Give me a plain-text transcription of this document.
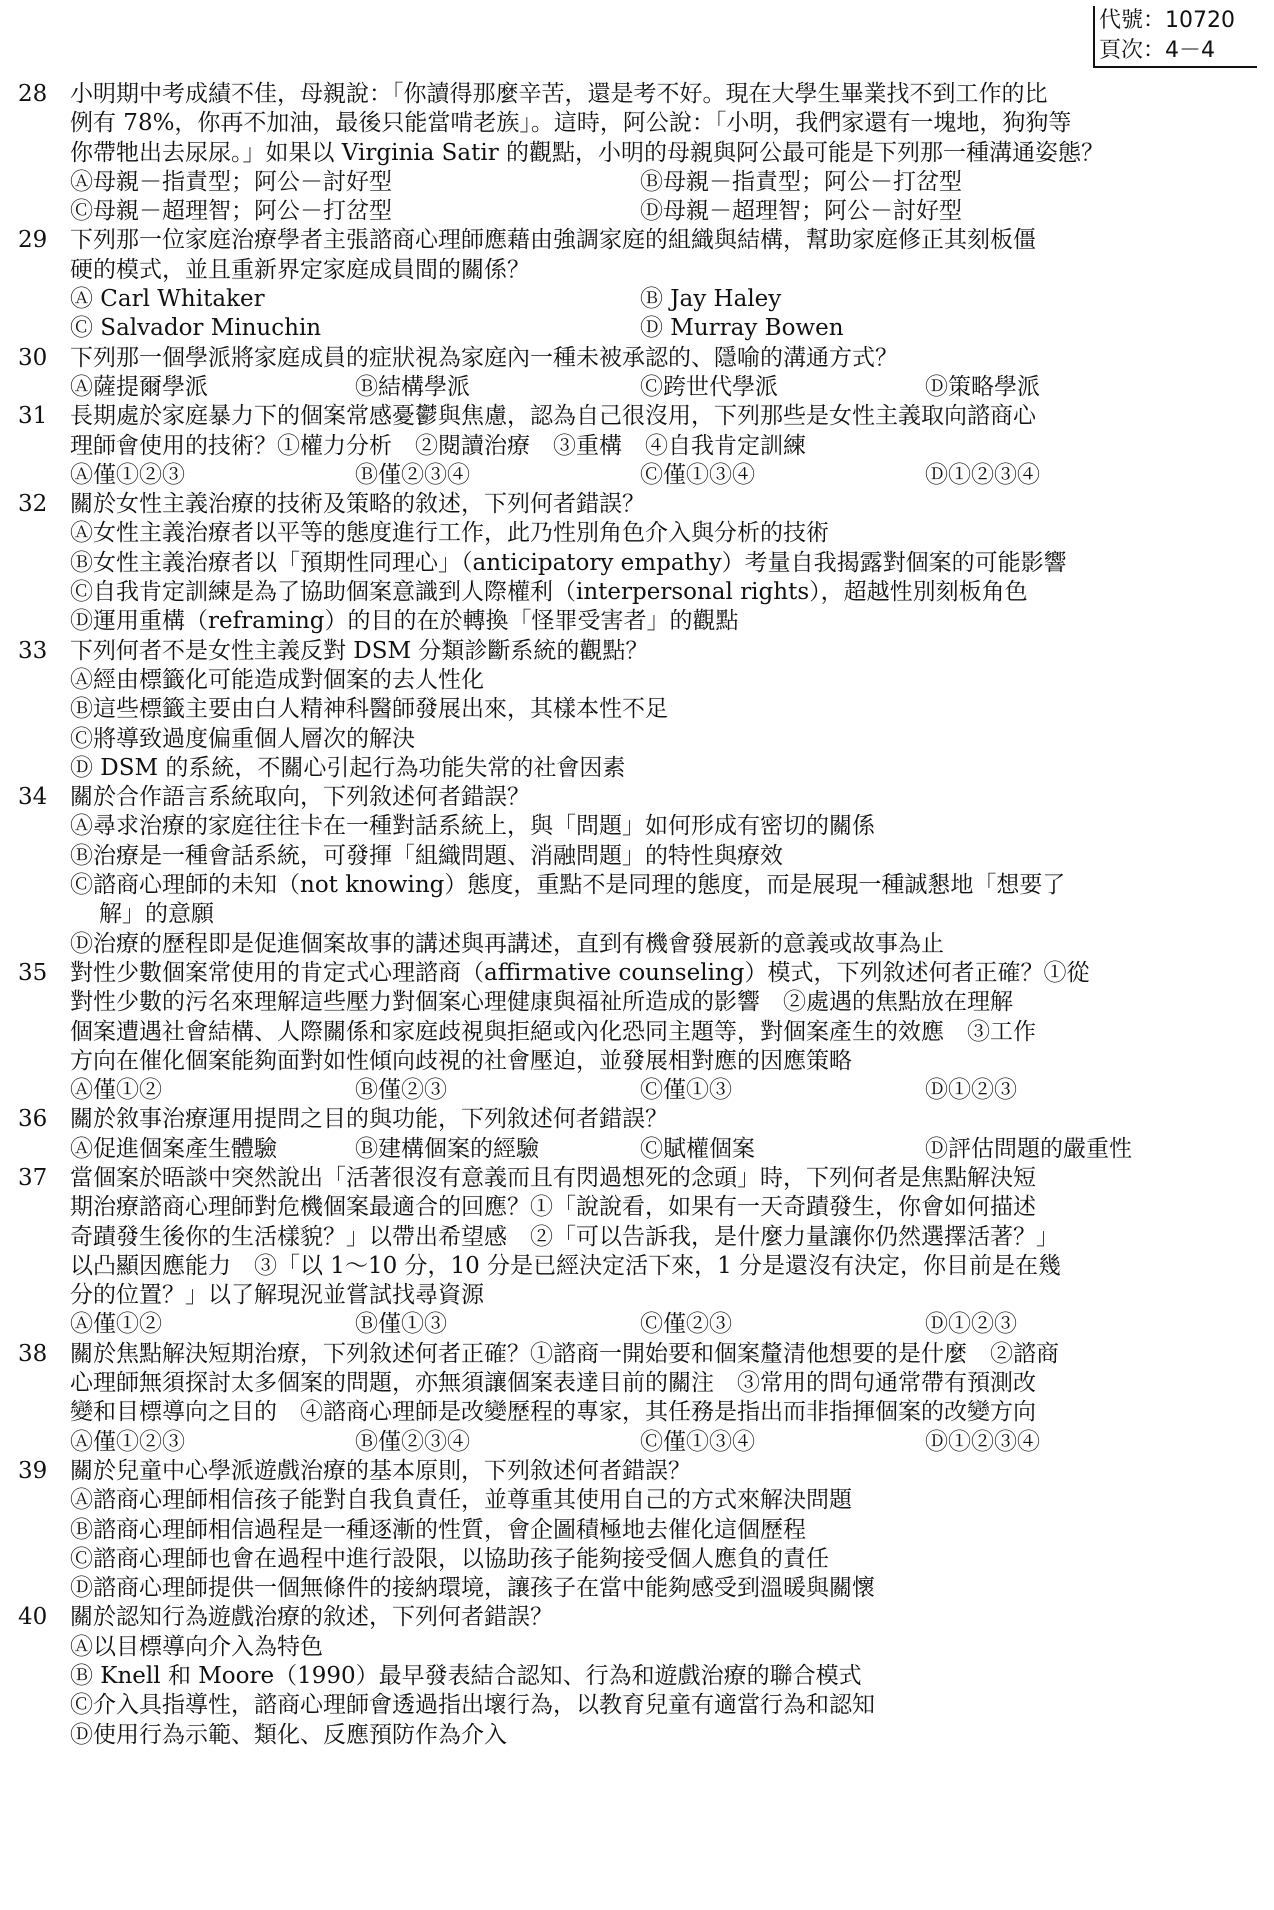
代號：10720
頁次：4－4
28 小明期中考成績不佳，母親說：「你讀得那麼辛苦，還是考不好。現在大學生畢業找不到工作的比
例有 78%，你再不加油，最後只能當啃老族」。這時，阿公說：「小明，我們家還有一塊地，狗狗等
你帶牠出去尿尿。」如果以 Virginia Satir 的觀點，小明的母親與阿公最可能是下列那一種溝通姿態？
Ⓐ母親－指責型；阿公－討好型	Ⓑ母親－指責型；阿公－打岔型
Ⓒ母親－超理智；阿公－打岔型	Ⓓ母親－超理智；阿公－討好型
29 下列那一位家庭治療學者主張諮商心理師應藉由強調家庭的組織與結構，幫助家庭修正其刻板僵
硬的模式，並且重新界定家庭成員間的關係？
Ⓐ Carl Whitaker	Ⓑ Jay Haley
Ⓒ Salvador Minuchin	Ⓓ Murray Bowen
30 下列那一個學派將家庭成員的症狀視為家庭內一種未被承認的、隱喻的溝通方式？
Ⓐ薩提爾學派	Ⓑ結構學派	Ⓒ跨世代學派	Ⓓ策略學派
31 長期處於家庭暴力下的個案常感憂鬱與焦慮，認為自己很沒用，下列那些是女性主義取向諮商心
理師會使用的技術？①權力分析　②閱讀治療　③重構　④自我肯定訓練
Ⓐ僅①②③	Ⓑ僅②③④	Ⓒ僅①③④	Ⓓ①②③④
32 關於女性主義治療的技術及策略的敘述，下列何者錯誤？
Ⓐ女性主義治療者以平等的態度進行工作，此乃性別角色介入與分析的技術
Ⓑ女性主義治療者以「預期性同理心」（anticipatory empathy）考量自我揭露對個案的可能影響
Ⓒ自我肯定訓練是為了協助個案意識到人際權利（interpersonal rights），超越性別刻板角色
Ⓓ運用重構（reframing）的目的在於轉換「怪罪受害者」的觀點
33 下列何者不是女性主義反對 DSM 分類診斷系統的觀點？
Ⓐ經由標籤化可能造成對個案的去人性化
Ⓑ這些標籤主要由白人精神科醫師發展出來，其樣本性不足
Ⓒ將導致過度偏重個人層次的解決
Ⓓ DSM 的系統，不關心引起行為功能失常的社會因素
34 關於合作語言系統取向，下列敘述何者錯誤？
Ⓐ尋求治療的家庭往往卡在一種對話系統上，與「問題」如何形成有密切的關係
Ⓑ治療是一種會話系統，可發揮「組織問題、消融問題」的特性與療效
Ⓒ諮商心理師的未知（not knowing）態度，重點不是同理的態度，而是展現一種誠懇地「想要了
解」的意願
Ⓓ治療的歷程即是促進個案故事的講述與再講述，直到有機會發展新的意義或故事為止
35 對性少數個案常使用的肯定式心理諮商（affirmative counseling）模式，下列敘述何者正確？①從
對性少數的污名來理解這些壓力對個案心理健康與福祉所造成的影響　②處遇的焦點放在理解
個案遭遇社會結構、人際關係和家庭歧視與拒絕或內化恐同主題等，對個案產生的效應　③工作
方向在催化個案能夠面對如性傾向歧視的社會壓迫，並發展相對應的因應策略
Ⓐ僅①②	Ⓑ僅②③	Ⓒ僅①③	Ⓓ①②③
36 關於敘事治療運用提問之目的與功能，下列敘述何者錯誤？
Ⓐ促進個案產生體驗	Ⓑ建構個案的經驗	Ⓒ賦權個案	Ⓓ評估問題的嚴重性
37 當個案於晤談中突然說出「活著很沒有意義而且有閃過想死的念頭」時，下列何者是焦點解決短
期治療諮商心理師對危機個案最適合的回應？①「說說看，如果有一天奇蹟發生，你會如何描述
奇蹟發生後你的生活樣貌？」以帶出希望感　②「可以告訴我，是什麼力量讓你仍然選擇活著？」
以凸顯因應能力　③「以 1～10 分，10 分是已經決定活下來，1 分是還沒有決定，你目前是在幾
分的位置？」以了解現況並嘗試找尋資源
Ⓐ僅①②	Ⓑ僅①③	Ⓒ僅②③	Ⓓ①②③
38 關於焦點解決短期治療，下列敘述何者正確？①諮商一開始要和個案釐清他想要的是什麼　②諮商
心理師無須探討太多個案的問題，亦無須讓個案表達目前的關注　③常用的問句通常帶有預測改
變和目標導向之目的　④諮商心理師是改變歷程的專家，其任務是指出而非指揮個案的改變方向
Ⓐ僅①②③	Ⓑ僅②③④	Ⓒ僅①③④	Ⓓ①②③④
39 關於兒童中心學派遊戲治療的基本原則，下列敘述何者錯誤？
Ⓐ諮商心理師相信孩子能對自我負責任，並尊重其使用自己的方式來解決問題
Ⓑ諮商心理師相信過程是一種逐漸的性質，會企圖積極地去催化這個歷程
Ⓒ諮商心理師也會在過程中進行設限，以協助孩子能夠接受個人應負的責任
Ⓓ諮商心理師提供一個無條件的接納環境，讓孩子在當中能夠感受到溫暖與關懷
40 關於認知行為遊戲治療的敘述，下列何者錯誤？
Ⓐ以目標導向介入為特色
Ⓑ Knell 和 Moore（1990）最早發表結合認知、行為和遊戲治療的聯合模式
Ⓒ介入具指導性，諮商心理師會透過指出壞行為，以教育兒童有適當行為和認知
Ⓓ使用行為示範、類化、反應預防作為介入
